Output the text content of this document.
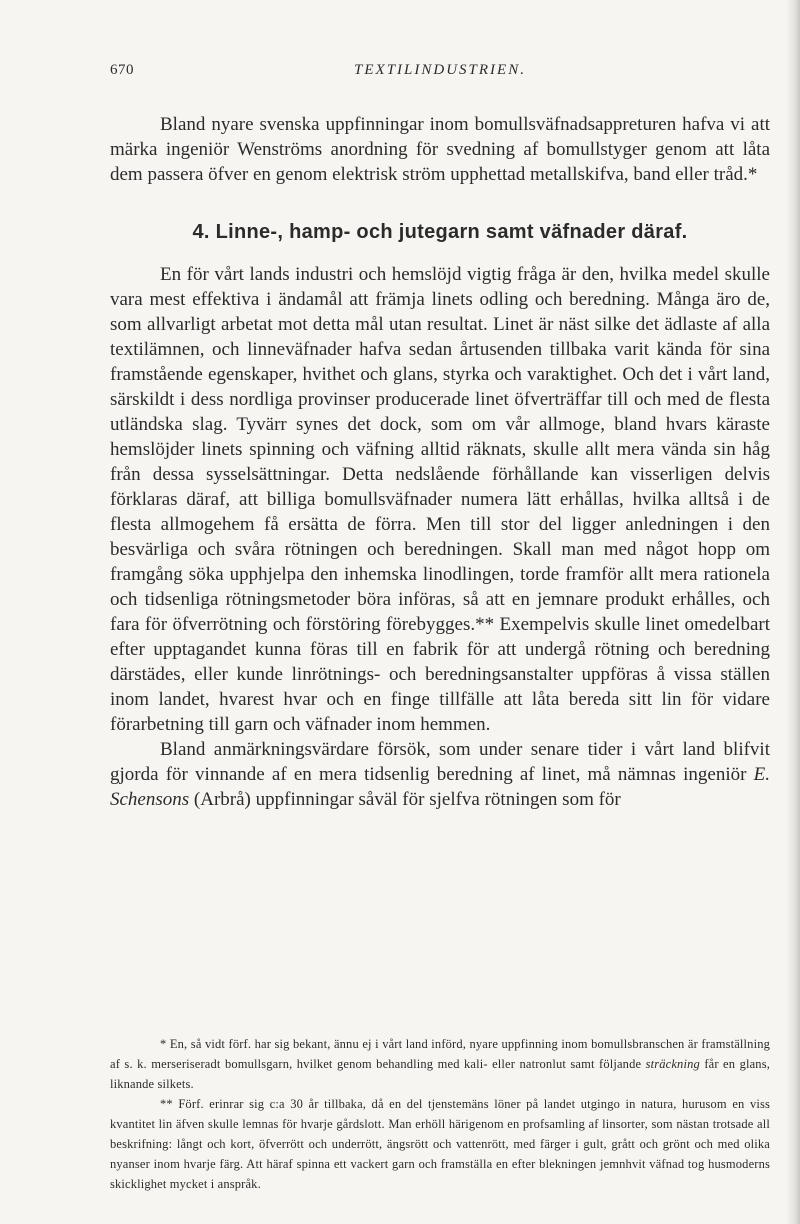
670	TEXTILINDUSTRIEN.

Bland nyare svenska uppfinningar inom bomullsväfnadsappreturen hafva vi att märka ingeniör Wenströms anordning för svedning af bomullstyger genom att låta dem passera öfver en genom elektrisk ström upphettad metallskifva, band eller tråd.*

4. Linne-, hamp- och jutegarn samt väfnader däraf.

En för vårt lands industri och hemslöjd vigtig fråga är den, hvilka medel skulle vara mest effektiva i ändamål att främja linets odling och beredning. Många äro de, som allvarligt arbetat mot detta mål utan resultat. Linet är näst silke det ädlaste af alla textilämnen, och linneväfnader hafva sedan årtusenden tillbaka varit kända för sina framstående egenskaper, hvithet och glans, styrka och varaktighet. Och det i vårt land, särskildt i dess nordliga provinser producerade linet öfverträffar till och med de flesta utländska slag. Tyvärr synes det dock, som om vår allmoge, bland hvars käraste hemslöjder linets spinning och väfning alltid räknats, skulle allt mera vända sin håg från dessa sysselsättningar. Detta nedslående förhållande kan visserligen delvis förklaras däraf, att billiga bomullsväfnader numera lätt erhållas, hvilka alltså i de flesta allmogehem få ersätta de förra. Men till stor del ligger anledningen i den besvärliga och svåra rötningen och beredningen. Skall man med något hopp om framgång söka upphjelpa den inhemska linodlingen, torde framför allt mera rationela och tidsenliga rötningsmetoder böra införas, så att en jemnare produkt erhålles, och fara för öfverrötning och förstöring förebygges.** Exempelvis skulle linet omedelbart efter upptagandet kunna föras till en fabrik för att undergå rötning och beredning därstädes, eller kunde linrötnings- och beredningsanstalter uppföras å vissa ställen inom landet, hvarest hvar och en finge tillfälle att låta bereda sitt lin för vidare förarbetning till garn och väfnader inom hemmen.

Bland anmärkningsvärdare försök, som under senare tider i vårt land blifvit gjorda för vinnande af en mera tidsenlig beredning af linet, må nämnas ingeniör E. Schensons (Arbrå) uppfinningar såväl för sjelfva rötningen som för

* En, så vidt förf. har sig bekant, ännu ej i vårt land införd, nyare uppfinning inom bomullsbranschen är framställning af s. k. merseriseradt bomullsgarn, hvilket genom behandling med kali- eller natronlut samt följande sträckning får en glans, liknande silkets.

** Förf. erinrar sig c:a 30 år tillbaka, då en del tjenstemäns löner på landet utgingo in natura, hurusom en viss kvantitet lin äfven skulle lemnas för hvarje gårdslott. Man erhöll härigenom en profsamling af linsorter, som nästan trotsade all beskrifning: långt och kort, öfverrött och underrött, ängsrött och vattenrött, med färger i gult, grått och grönt och med olika nyanser inom hvarje färg. Att häraf spinna ett vackert garn och framställa en efter blekningen jemnhvit väfnad tog husmoderns skicklighet mycket i anspråk.
